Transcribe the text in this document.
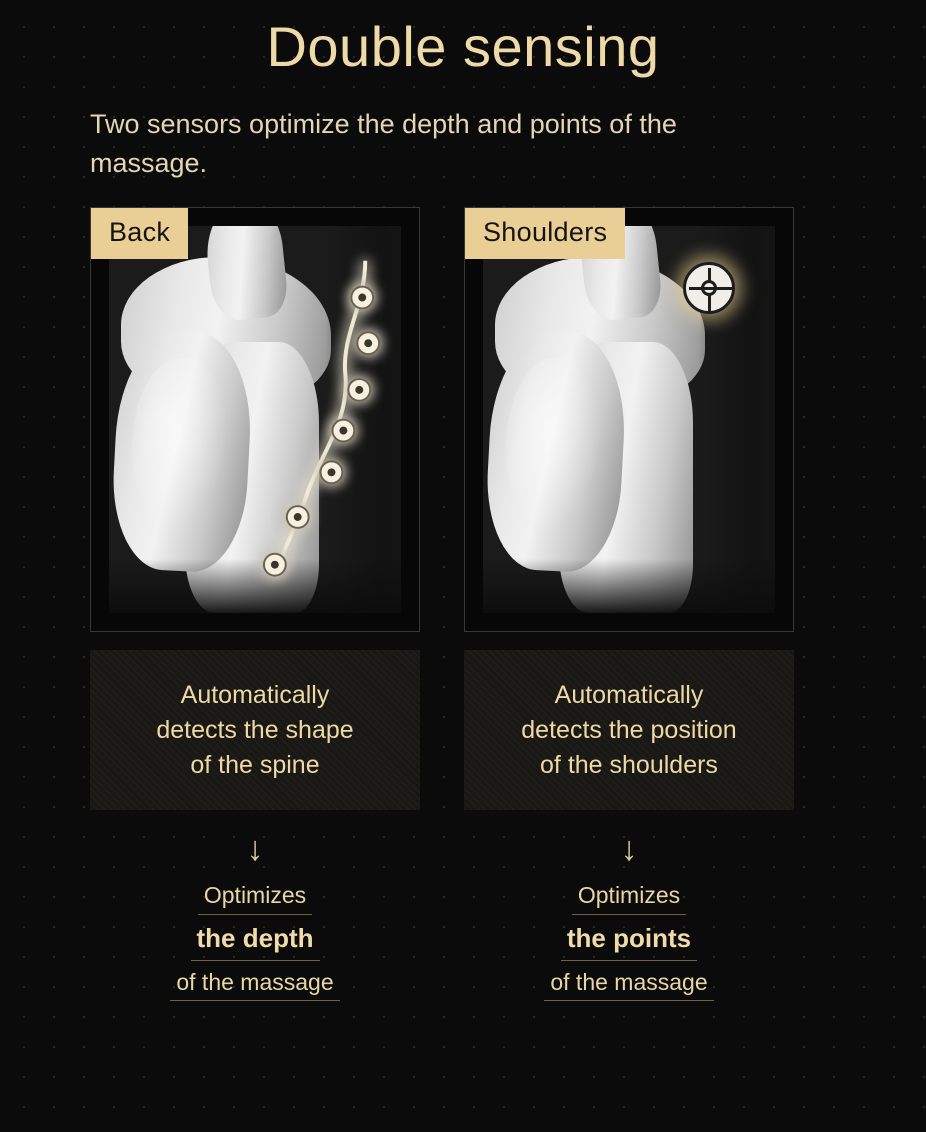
Double sensing

Two sensors optimize the depth and points of the massage.

Back
Automatically
detects the shape
of the spine
↓
Optimizes
the depth
of the massage
Shoulders
Automatically
detects the position
of the shoulders
↓
Optimizes
the points
of the massage
